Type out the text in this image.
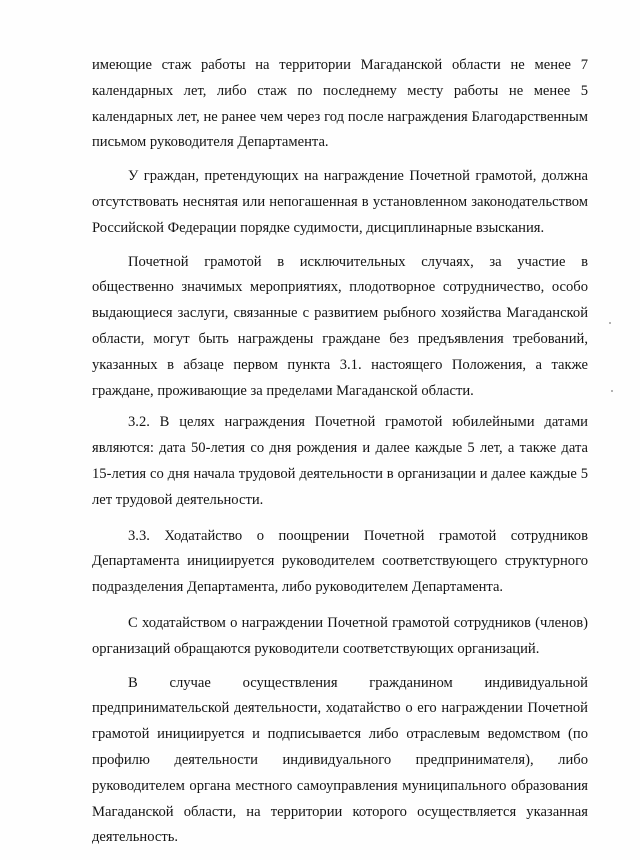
имеющие стаж работы на территории Магаданской области не менее 7 календарных лет, либо стаж по последнему месту работы не менее 5 календарных лет, не ранее чем через год после награждения Благодарственным письмом руководителя Департамента.

У граждан, претендующих на награждение Почетной грамотой, должна отсутствовать неснятая или непогашенная в установленном законодательством Российской Федерации порядке судимости, дисциплинарные взыскания.

Почетной грамотой в исключительных случаях, за участие в общественно значимых мероприятиях, плодотворное сотрудничество, особо выдающиеся заслуги, связанные с развитием рыбного хозяйства Магаданской области, могут быть награждены граждане без предъявления требований, указанных в абзаце первом пункта 3.1. настоящего Положения, а также граждане, проживающие за пределами Магаданской области.

3.2. В целях награждения Почетной грамотой юбилейными датами являются: дата 50-летия со дня рождения и далее каждые 5 лет, а также дата 15-летия со дня начала трудовой деятельности в организации и далее каждые 5 лет трудовой деятельности.

3.3. Ходатайство о поощрении Почетной грамотой сотрудников Департамента инициируется руководителем соответствующего структурного подразделения Департамента, либо руководителем Департамента.

С ходатайством о награждении Почетной грамотой сотрудников (членов) организаций обращаются руководители соответствующих организаций.

В случае осуществления гражданином индивидуальной предпринимательской деятельности, ходатайство о его награждении Почетной грамотой инициируется и подписывается либо отраслевым ведомством (по профилю деятельности индивидуального предпринимателя), либо руководителем органа местного самоуправления муниципального образования Магаданской области, на территории которого осуществляется указанная деятельность.
